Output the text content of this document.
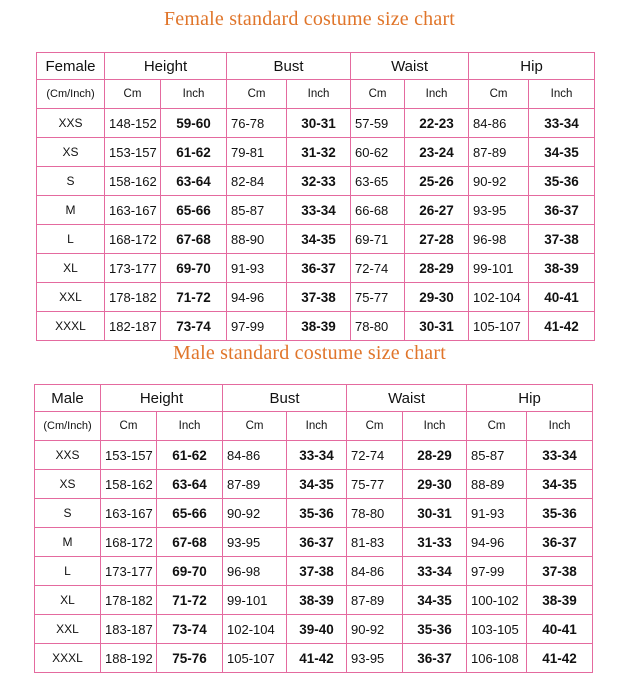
Female standard costume size chart
Female	Height		Bust		Waist		Hip	
(Cm/Inch)	Cm	Inch	Cm	Inch	Cm	Inch	Cm	Inch
XXS	148-152	59-60	76-78	30-31	57-59	22-23	84-86	33-34
XS	153-157	61-62	79-81	31-32	60-62	23-24	87-89	34-35
S	158-162	63-64	82-84	32-33	63-65	25-26	90-92	35-36
M	163-167	65-66	85-87	33-34	66-68	26-27	93-95	36-37
L	168-172	67-68	88-90	34-35	69-71	27-28	96-98	37-38
XL	173-177	69-70	91-93	36-37	72-74	28-29	99-101	38-39
XXL	178-182	71-72	94-96	37-38	75-77	29-30	102-104	40-41
XXXL	182-187	73-74	97-99	38-39	78-80	30-31	105-107	41-42
Male standard costume size chart
Male	Height		Bust		Waist		Hip	
(Cm/Inch)	Cm	Inch	Cm	Inch	Cm	Inch	Cm	Inch
XXS	153-157	61-62	84-86	33-34	72-74	28-29	85-87	33-34
XS	158-162	63-64	87-89	34-35	75-77	29-30	88-89	34-35
S	163-167	65-66	90-92	35-36	78-80	30-31	91-93	35-36
M	168-172	67-68	93-95	36-37	81-83	31-33	94-96	36-37
L	173-177	69-70	96-98	37-38	84-86	33-34	97-99	37-38
XL	178-182	71-72	99-101	38-39	87-89	34-35	100-102	38-39
XXL	183-187	73-74	102-104	39-40	90-92	35-36	103-105	40-41
XXXL	188-192	75-76	105-107	41-42	93-95	36-37	106-108	41-42
